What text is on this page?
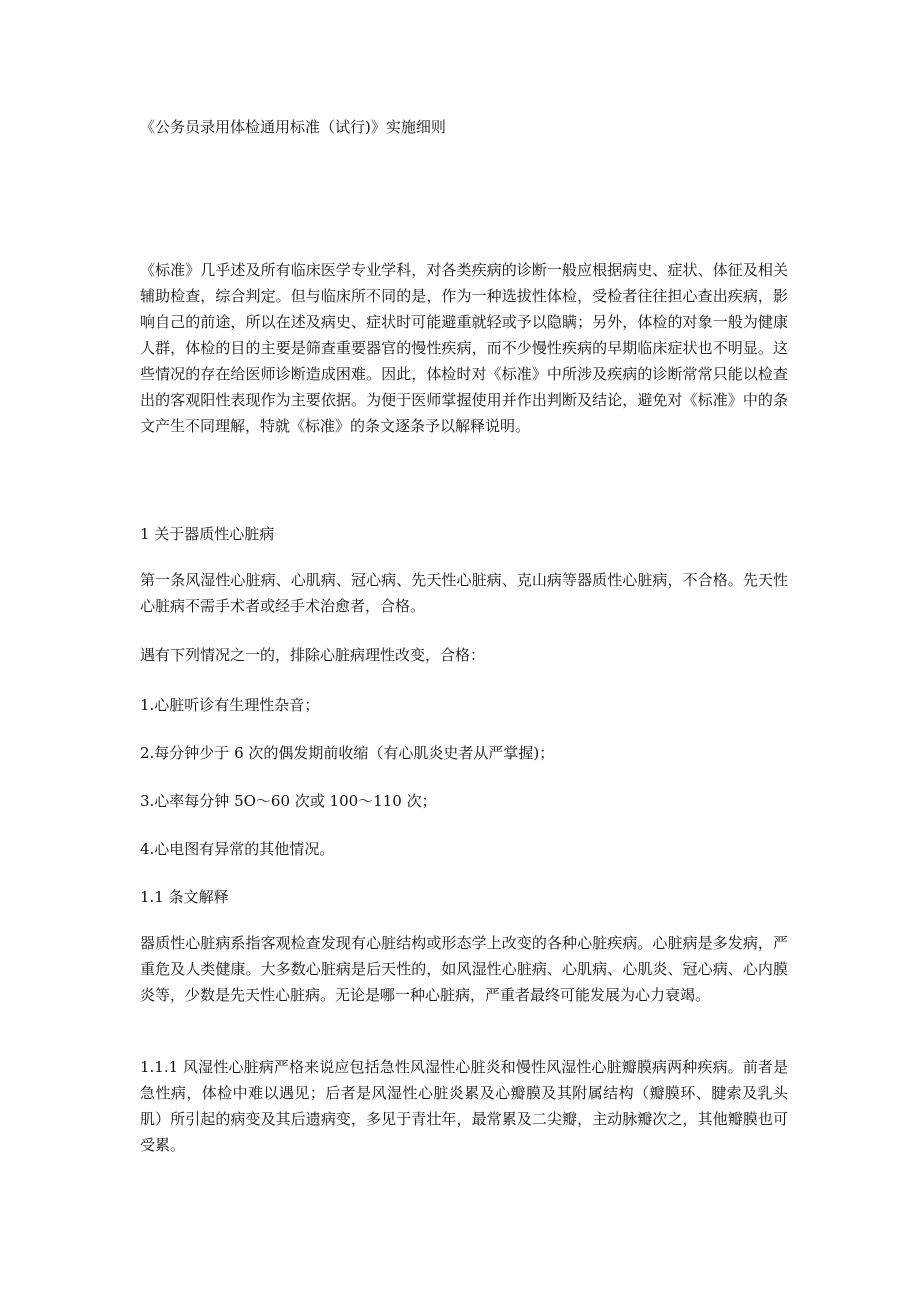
《公务员录用体检通用标准（试行)》实施细则

《标准》几乎述及所有临床医学专业学科，对各类疾病的诊断一般应根据病史、症状、体征及相关辅助检查，综合判定。但与临床所不同的是，作为一种选拔性体检，受检者往往担心查出疾病，影响自己的前途，所以在述及病史、症状时可能避重就轻或予以隐瞒；另外，体检的对象一般为健康人群，体检的目的主要是筛查重要器官的慢性疾病，而不少慢性疾病的早期临床症状也不明显。这些情况的存在给医师诊断造成困难。因此，体检时对《标准》中所涉及疾病的诊断常常只能以检查出的客观阳性表现作为主要依据。为便于医师掌握使用并作出判断及结论，避免对《标准》中的条文产生不同理解，特就《标准》的条文逐条予以解释说明。

1 关于器质性心脏病

第一条风湿性心脏病、心肌病、冠心病、先天性心脏病、克山病等器质性心脏病，不合格。先天性心脏病不需手术者或经手术治愈者，合格。

遇有下列情况之一的，排除心脏病理性改变，合格：

1.心脏听诊有生理性杂音；

2.每分钟少于 6 次的偶发期前收缩（有心肌炎史者从严掌握)；

3.心率每分钟 5O～60 次或 100～110 次；

4.心电图有异常的其他情况。

1.1 条文解释

器质性心脏病系指客观检查发现有心脏结构或形态学上改变的各种心脏疾病。心脏病是多发病，严重危及人类健康。大多数心脏病是后天性的，如风湿性心脏病、心肌病、心肌炎、冠心病、心内膜炎等，少数是先天性心脏病。无论是哪一种心脏病，严重者最终可能发展为心力衰竭。

1.1.1 风湿性心脏病严格来说应包括急性风湿性心脏炎和慢性风湿性心脏瓣膜病两种疾病。前者是急性病，体检中难以遇见；后者是风湿性心脏炎累及心瓣膜及其附属结构（瓣膜环、腱索及乳头肌）所引起的病变及其后遗病变，多见于青壮年，最常累及二尖瓣，主动脉瓣次之，其他瓣膜也可受累。
